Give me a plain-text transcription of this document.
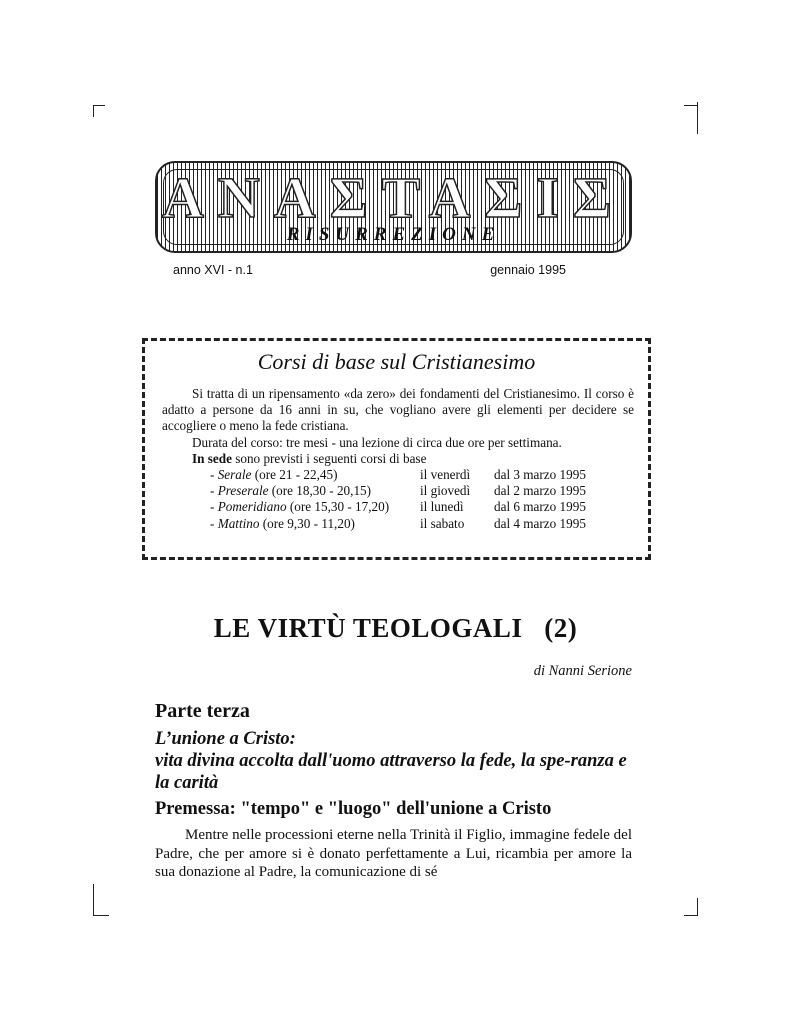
ΑΝΑΣΤΑΣΙΣ
RISURREZIONE
anno XVI - n.1	gennaio 1995
Corsi di base sul Cristianesimo

Si tratta di un ripensamento «da zero» dei fondamenti del Cristianesimo. Il corso è adatto a persone da 16 anni in su, che vogliano avere gli elementi per decidere se accogliere o meno la fede cristiana.

Durata del corso: tre mesi - una lezione di circa due ore per settimana.

In sede sono previsti i seguenti corsi di base

- Serale (ore 21 - 22,45)	il venerdì	dal 3 marzo 1995
- Preserale (ore 18,30 - 20,15)	il giovedì	dal 2 marzo 1995
- Pomeridiano (ore 15,30 - 17,20)	il lunedì	dal 6 marzo 1995
- Mattino (ore 9,30 - 11,20)	il sabato	dal 4 marzo 1995
LE VIRTÙ TEOLOGALI   (2)
di Nanni Serione
Parte terza
L’unione a Cristo:
vita divina accolta dall'uomo attraverso la fede, la spe-ranza e la carità
Premessa: "tempo" e "luogo" dell'unione a Cristo

Mentre nelle processioni eterne nella Trinità il Figlio, immagine fedele del Padre, che per amore si è donato perfettamente a Lui, ricambia per amore la sua donazione al Padre, la comunicazione di sé
